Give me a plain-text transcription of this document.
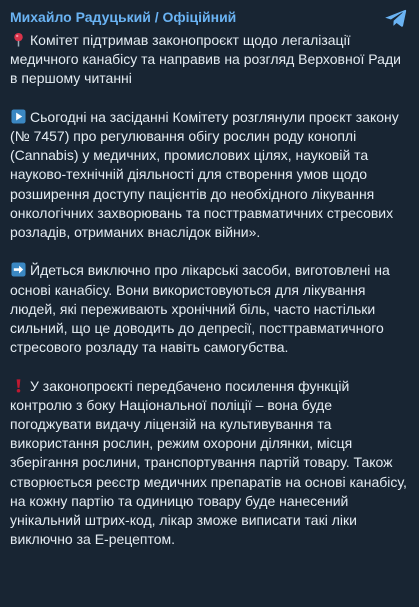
Михайло Радуцький / Офіційний

Комітет підтримав законопроєкт щодо легалізації медичного канабісу та направив на розгляд Верховної Ради в першому читанні

Сьогодні на засіданні Комітету розглянули проєкт закону (№ 7457) про регулювання обігу рослин роду коноплі (Cannabis) у медичних, промислових цілях, науковій та науково-технічній діяльності для створення умов щодо розширення доступу пацієнтів до необхідного лікування онкологічних захворювань та посттравматичних стресових розладів, отриманих внаслідок війни».

Йдеться виключно про лікарські засоби, виготовлені на основі канабісу. Вони використовуються для лікування людей, які переживають хронічний біль, часто настільки сильний, що це доводить до депресії, посттравматичного стресового розладу та навіть самогубства.

У законопроєкті передбачено посилення функцій контролю з боку Національної поліції – вона буде погоджувати видачу ліцензій на культивування та використання рослин, режим охорони ділянки, місця зберігання рослини, транспортування партій товару. Також створюється реєстр медичних препаратів на основі канабісу, на кожну партію та одиницю товару буде нанесений унікальний штрих-код, лікар зможе виписати такі ліки виключно за Е-рецептом.
